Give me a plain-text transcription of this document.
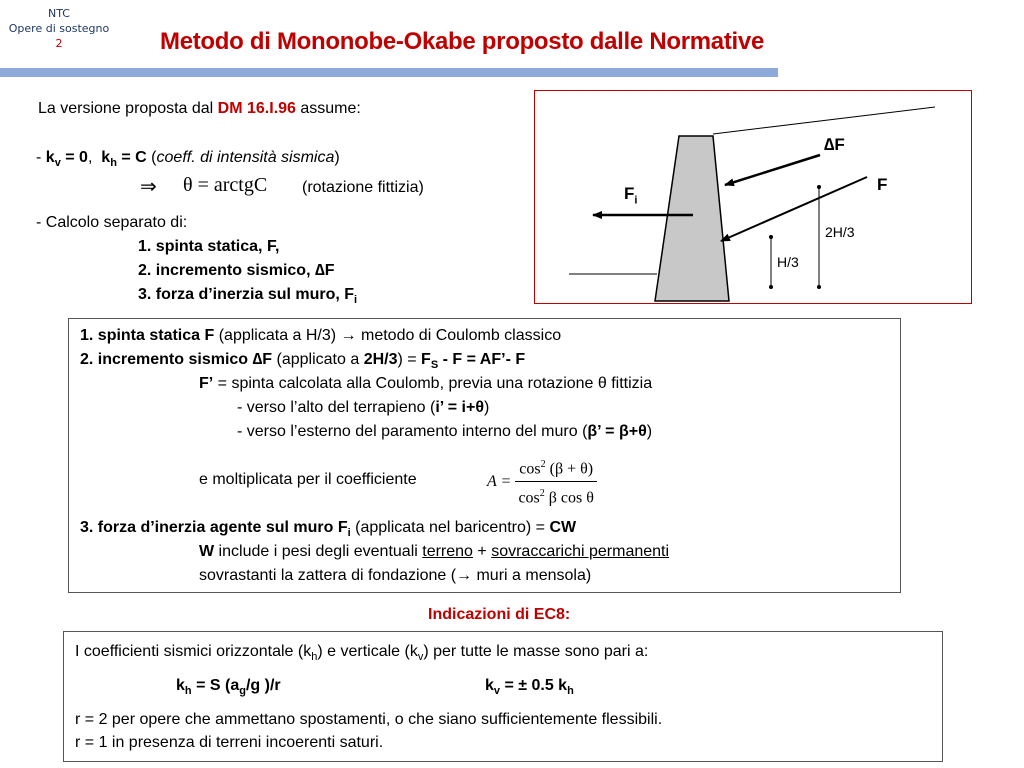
NTC
Opere di sostegno
2	Metodo di Mononobe-Okabe proposto dalle Normative
La versione proposta dal DM 16.I.96 assume:
- $k_v = 0$,  $k_h = C$ (coeff. di intensità sismica)
⇒ θ = arctgC (rotazione fittizia)
- Calcolo separato di:
1. spinta statica, F,
2. incremento sismico, ∆F
3. forza d’inerzia sul muro, $F_i$
∆F
F
$F_i$
2H/3
H/3
1. spinta statica F (applicata a H/3) → metodo di Coulomb classico
2. incremento sismico ∆F (applicato a $2H/3) = F_S - F$ = AF’- F
F’ = spinta calcolata alla Coulomb, previa una rotazione θ fittizia
- verso l’alto del terrapieno (i’ = i+θ)
- verso l’esterno del paramento interno del muro (β’ = β+θ)
e moltiplicata per il coefficiente	$A = \frac{\cos^2 (\beta + \theta)}{\cos^2 \beta \cos \theta}$
3. forza d’inerzia agente sul muro $F_i$ (applicata nel baricentro) = CW
W include i pesi degli eventuali terreno + sovraccarichi permanenti
sovrastanti la zattera di fondazione (→ muri a mensola)
Indicazioni di EC8:
I coefficienti sismici orizzontale $(k_h)$ e verticale $(k_v)$ per tutte le masse sono pari a:
$k_h = S$ ($a_g/g$ )/r	$k_v$ = ± 0.5 $k_h$
r = 2 per opere che ammettano spostamenti, o che siano sufficientemente flessibili.
r = 1 in presenza di terreni incoerenti saturi.
